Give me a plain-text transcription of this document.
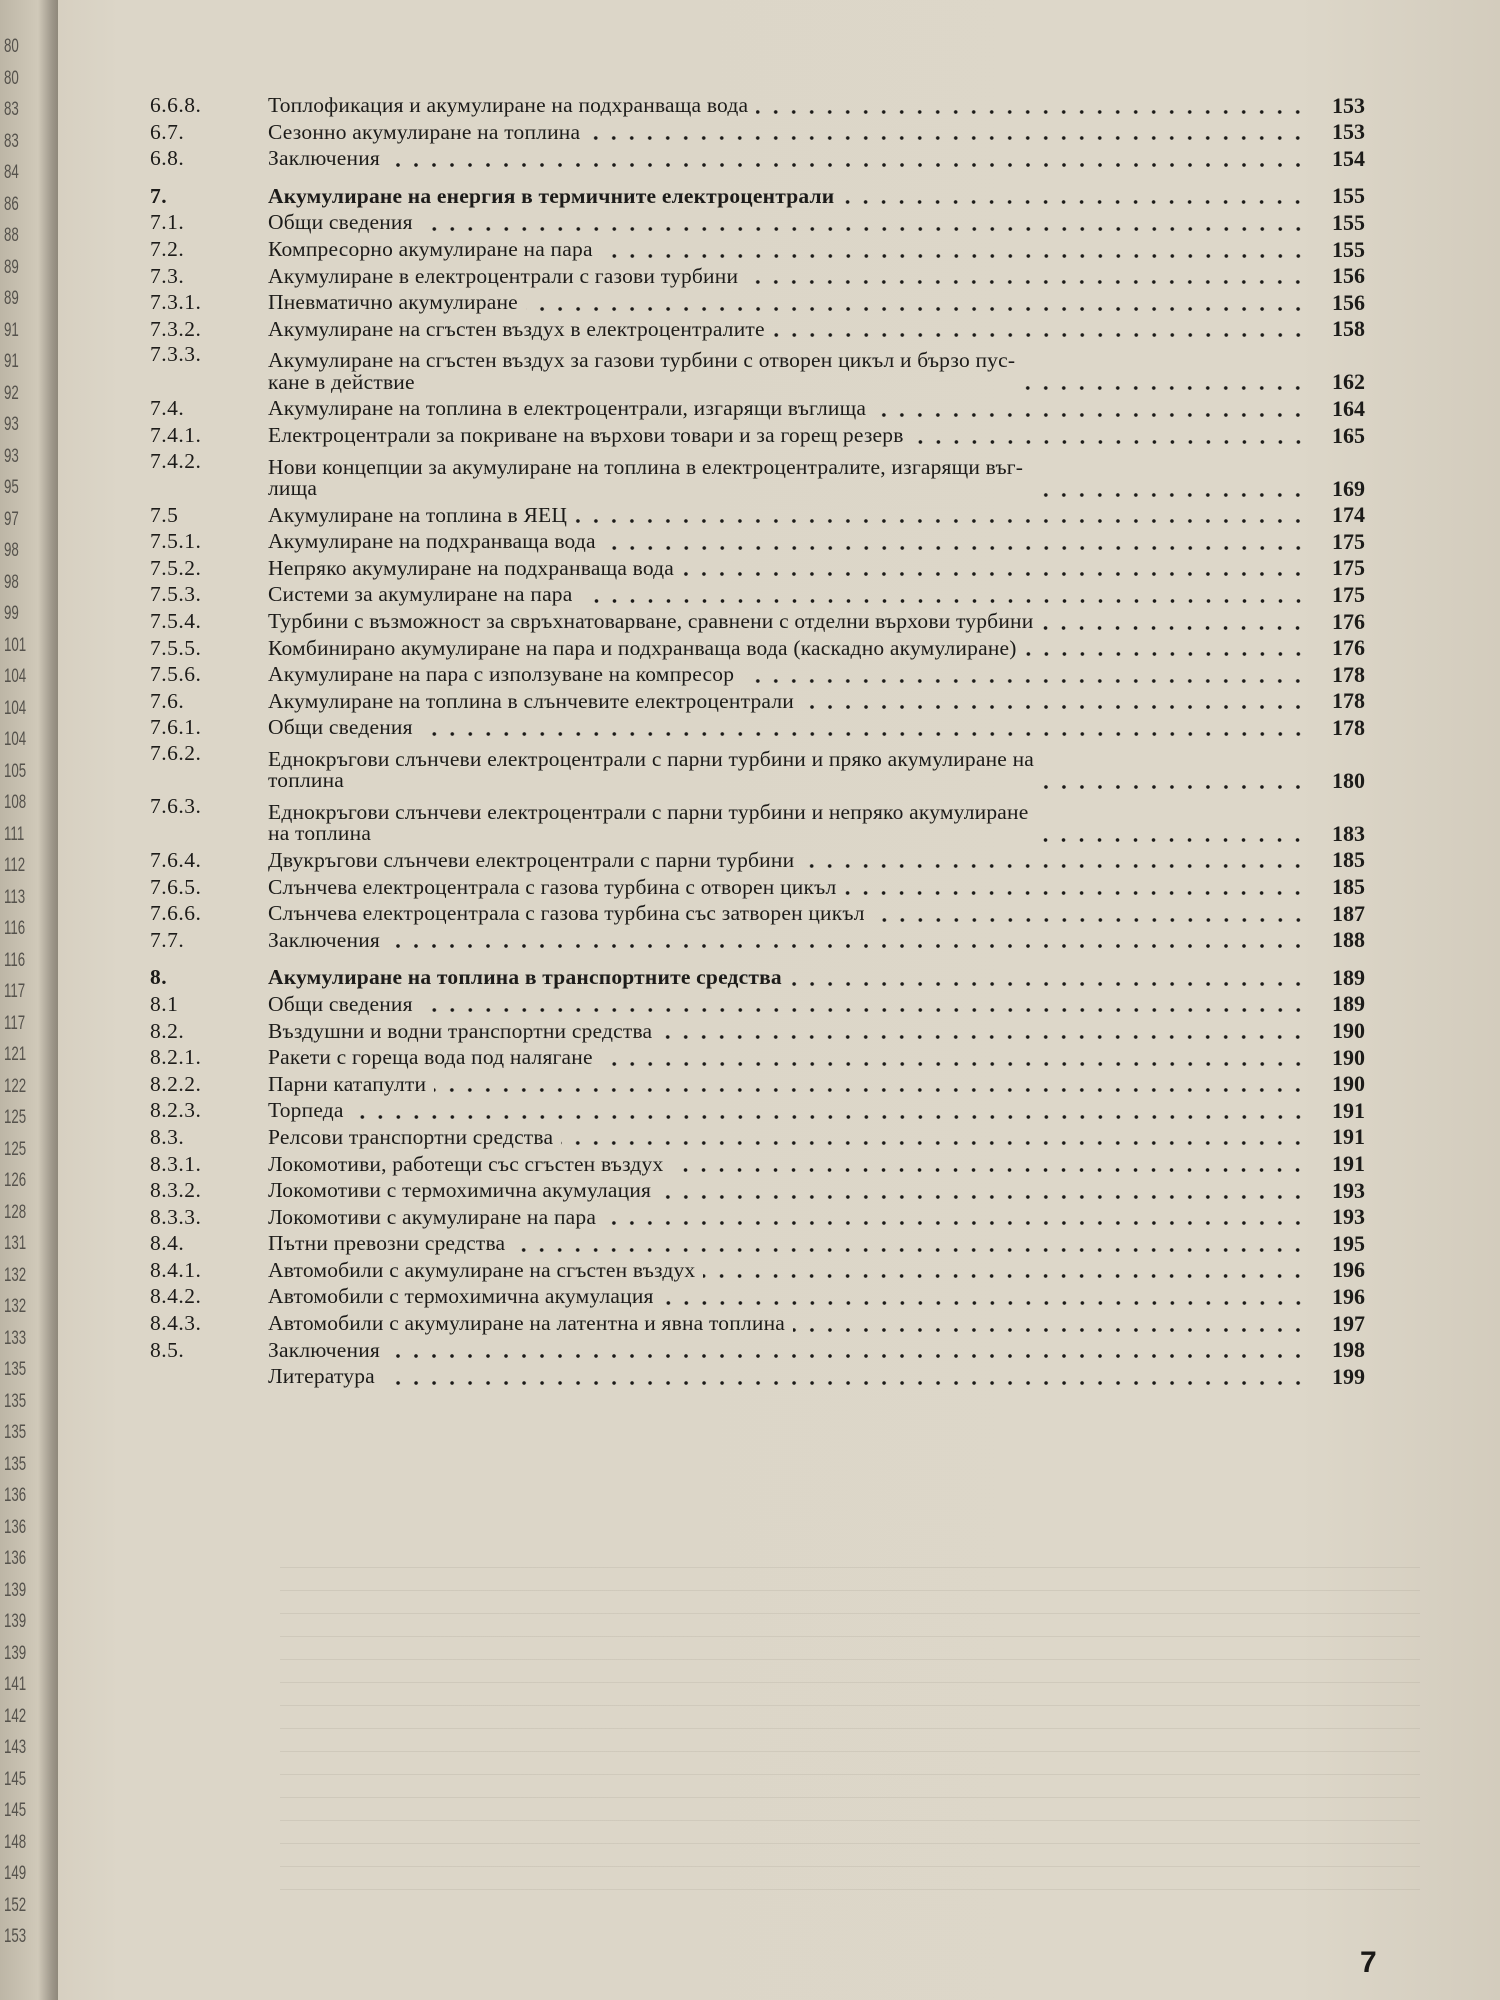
80
80
83
83
84
86
88
89
89
91
91
92
93
93
95
97
98
98
99
101
104
104
104
105
108
111
112
113
116
116
117
117
121
122
125
125
126
128
131
132
132
133
135
135
135
135
136
136
136
139
139
139
141
142
143
145
145
148
149
152
153
6.6.8.	Топлофикация и акумулиране на подхранваща вода	153
6.7.	Сезонно акумулиране на топлина	153
6.8.	Заключения	154
7.	Акумулиране на енергия в термичните електроцентрали	155
7.1.	Общи сведения	155
7.2.	Компресорно акумулиране на пара	155
7.3.	Акумулиране в електроцентрали с газови турбини	156
7.3.1.	Пневматично акумулиране	156
7.3.2.	Акумулиране на сгъстен въздух в електроцентралите	158
7.3.3.	Акумулиране на сгъстен въздух за газови турбини с отворен цикъл и бързо пус-
кане в действие	162
7.4.	Акумулиране на топлина в електроцентрали, изгарящи въглища	164
7.4.1.	Електроцентрали за покриване на върхови товари и за горещ резерв	165
7.4.2.	Нови концепции за акумулиране на топлина в електроцентралите, изгарящи въг-
лища	169
7.5	Акумулиране на топлина в ЯЕЦ	174
7.5.1.	Акумулиране на подхранваща вода	175
7.5.2.	Непряко акумулиране на подхранваща вода	175
7.5.3.	Системи за акумулиране на пара	175
7.5.4.	Турбини с възможност за свръхнатоварване, сравнени с отделни върхови турбини	176
7.5.5.	Комбинирано акумулиране на пара и подхранваща вода (каскадно акумулиране)	176
7.5.6.	Акумулиране на пара с използуване на компресор	178
7.6.	Акумулиране на топлина в слънчевите електроцентрали	178
7.6.1.	Общи сведения	178
7.6.2.	Еднокръгови слънчеви електроцентрали с парни турбини и пряко акумулиране на
топлина	180
7.6.3.	Еднокръгови слънчеви електроцентрали с парни турбини и непряко акумулиране
на топлина	183
7.6.4.	Двукръгови слънчеви електроцентрали с парни турбини	185
7.6.5.	Слънчева електроцентрала с газова турбина с отворен цикъл	185
7.6.6.	Слънчева електроцентрала с газова турбина със затворен цикъл	187
7.7.	Заключения	188
8.	Акумулиране на топлина в транспортните средства	189
8.1	Общи сведения	189
8.2.	Въздушни и водни транспортни средства	190
8.2.1.	Ракети с гореща вода под налягане	190
8.2.2.	Парни катапулти	190
8.2.3.	Торпеда	191
8.3.	Релсови транспортни средства	191
8.3.1.	Локомотиви, работещи със сгъстен въздух	191
8.3.2.	Локомотиви с термохимична акумулация	193
8.3.3.	Локомотиви с акумулиране на пара	193
8.4.	Пътни превозни средства	195
8.4.1.	Автомобили с акумулиране на сгъстен въздух	196
8.4.2.	Автомобили с термохимична акумулация	196
8.4.3.	Автомобили с акумулиране на латентна и явна топлина	197
8.5.	Заключения	198
Литература	199
7
